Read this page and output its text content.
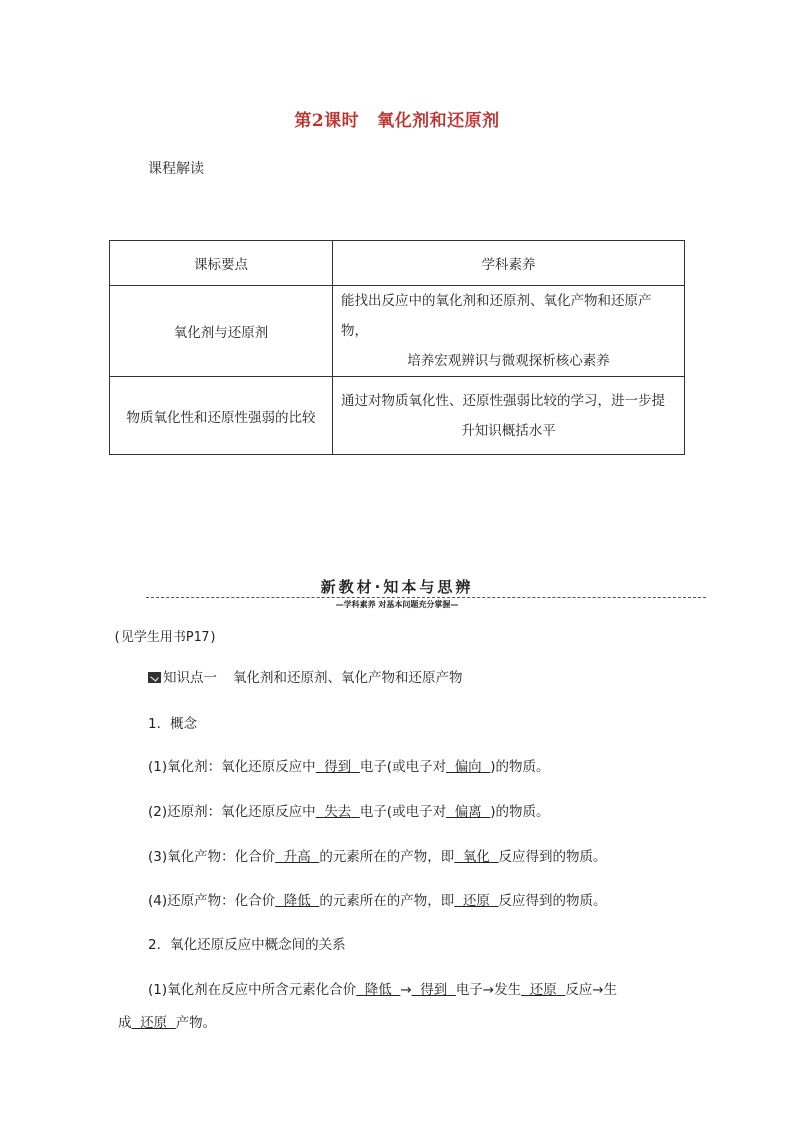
第2课时 氧化剂和还原剂
课程解读
课标要点	学科素养
氧化剂与还原剂	能找出反应中的氧化剂和还原剂、氧化产物和还原产物，
培养宏观辨识与微观探析核心素养

物质氧化性和还原性强弱的比较	通过对物质氧化性、还原性强弱比较的学习，进一步提
升知识概括水平
新教材·知本与思辨
—学科素养 对基本问题充分掌握—
(见学生用书P17)
知识点一 氧化剂和还原剂、氧化产物和还原产物
1．概念
(1)氧化剂：氧化还原反应中 得到 电子(或电子对 偏向 )的物质。
(2)还原剂：氧化还原反应中 失去 电子(或电子对 偏离 )的物质。
(3)氧化产物：化合价 升高 的元素所在的产物，即 氧化 反应得到的物质。
(4)还原产物：化合价 降低 的元素所在的产物，即 还原 反应得到的物质。
2．氧化还原反应中概念间的关系
(1)氧化剂在反应中所含元素化合价 降低 → 得到 电子→发生 还原 反应→生
成 还原 产物。
